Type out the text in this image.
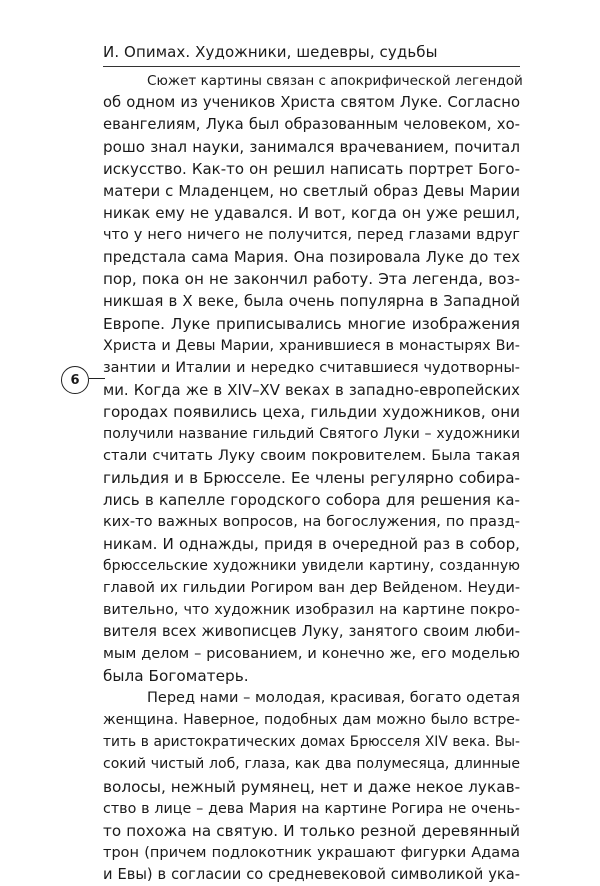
И. Опимах. Художники, шедевры, судьбы
6
Сюжет картины связан с апокрифической легендой
об одном из учеников Христа святом Луке. Согласно
евангелиям, Лука был образованным человеком, хо-
рошо знал науки, занимался врачеванием, почитал
искусство. Как-то он решил написать портрет Бого-
матери с Младенцем, но светлый образ Девы Марии
никак ему не удавался. И вот, когда он уже решил,
что у него ничего не получится, перед глазами вдруг
предстала сама Мария. Она позировала Луке до тех
пор, пока он не закончил работу. Эта легенда, воз-
никшая в X веке, была очень популярна в Западной
Европе. Луке приписывались многие изображения
Христа и Девы Марии, хранившиеся в монастырях Ви-
зантии и Италии и нередко считавшиеся чудотворны-
ми. Когда же в XIV–XV веках в западно-европейских
городах появились цеха, гильдии художников, они
получили название гильдий Святого Луки – художники
стали считать Луку своим покровителем. Была такая
гильдия и в Брюсселе. Ее члены регулярно собира-
лись в капелле городского собора для решения ка-
ких-то важных вопросов, на богослужения, по празд-
никам. И однажды, придя в очередной раз в собор,
брюссельские художники увидели картину, созданную
главой их гильдии Рогиром ван дер Вейденом. Неуди-
вительно, что художник изобразил на картине покро-
вителя всех живописцев Луку, занятого своим люби-
мым делом – рисованием, и конечно же, его моделью
была Богоматерь.
Перед нами – молодая, красивая, богато одетая
женщина. Наверное, подобных дам можно было встре-
тить в аристократических домах Брюсселя XIV века. Вы-
сокий чистый лоб, глаза, как два полумесяца, длинные
волосы, нежный румянец, нет и даже некое лукав-
ство в лице – дева Мария на картине Рогира не очень-
то похожа на святую. И только резной деревянный
трон (причем подлокотник украшают фигурки Адама
и Евы) в согласии со средневековой символикой ука-
